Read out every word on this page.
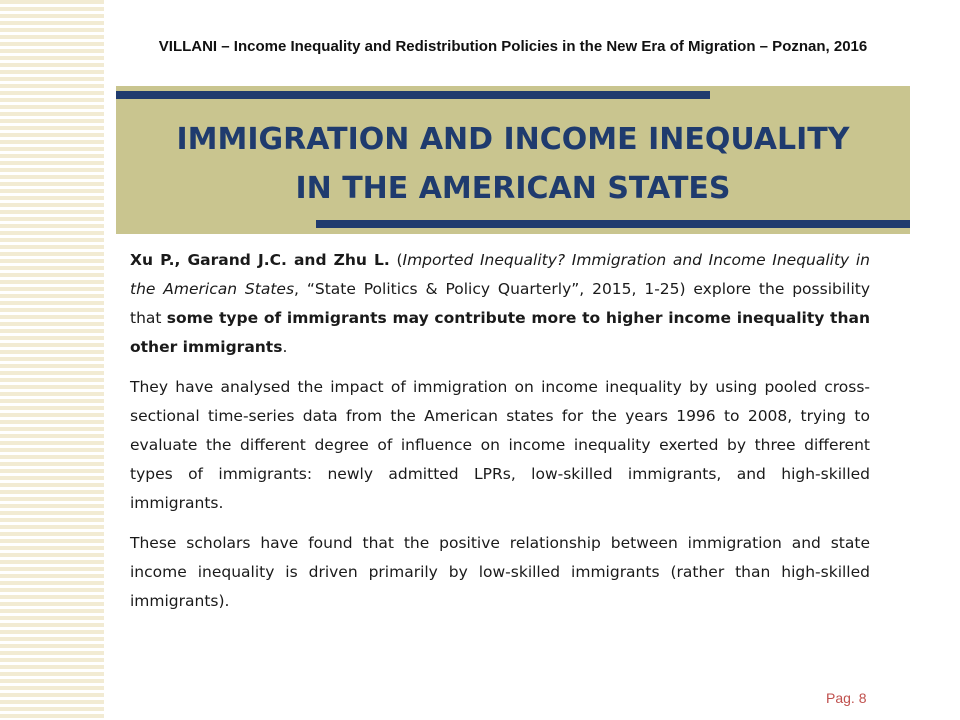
VILLANI – Income Inequality and Redistribution Policies in the New Era of Migration – Poznan, 2016
IMMIGRATION AND INCOME INEQUALITY
IN THE AMERICAN STATES

Xu P., Garand J.C. and Zhu L. (Imported Inequality? Immigration and Income Inequality in the American States, “State Politics & Policy Quarterly”, 2015, 1-25) explore the possibility that some type of immigrants may contribute more to higher income inequality than other immigrants.

They have analysed the impact of immigration on income inequality by using pooled cross-sectional time-series data from the American states for the years 1996 to 2008, trying to evaluate the different degree of influence on income inequality exerted by three different types of immigrants: newly admitted LPRs, low-skilled immigrants, and high-skilled immigrants.

These scholars have found that the positive relationship between immigration and state income inequality is driven primarily by low-skilled immigrants (rather than high-skilled immigrants).

Pag. 8
